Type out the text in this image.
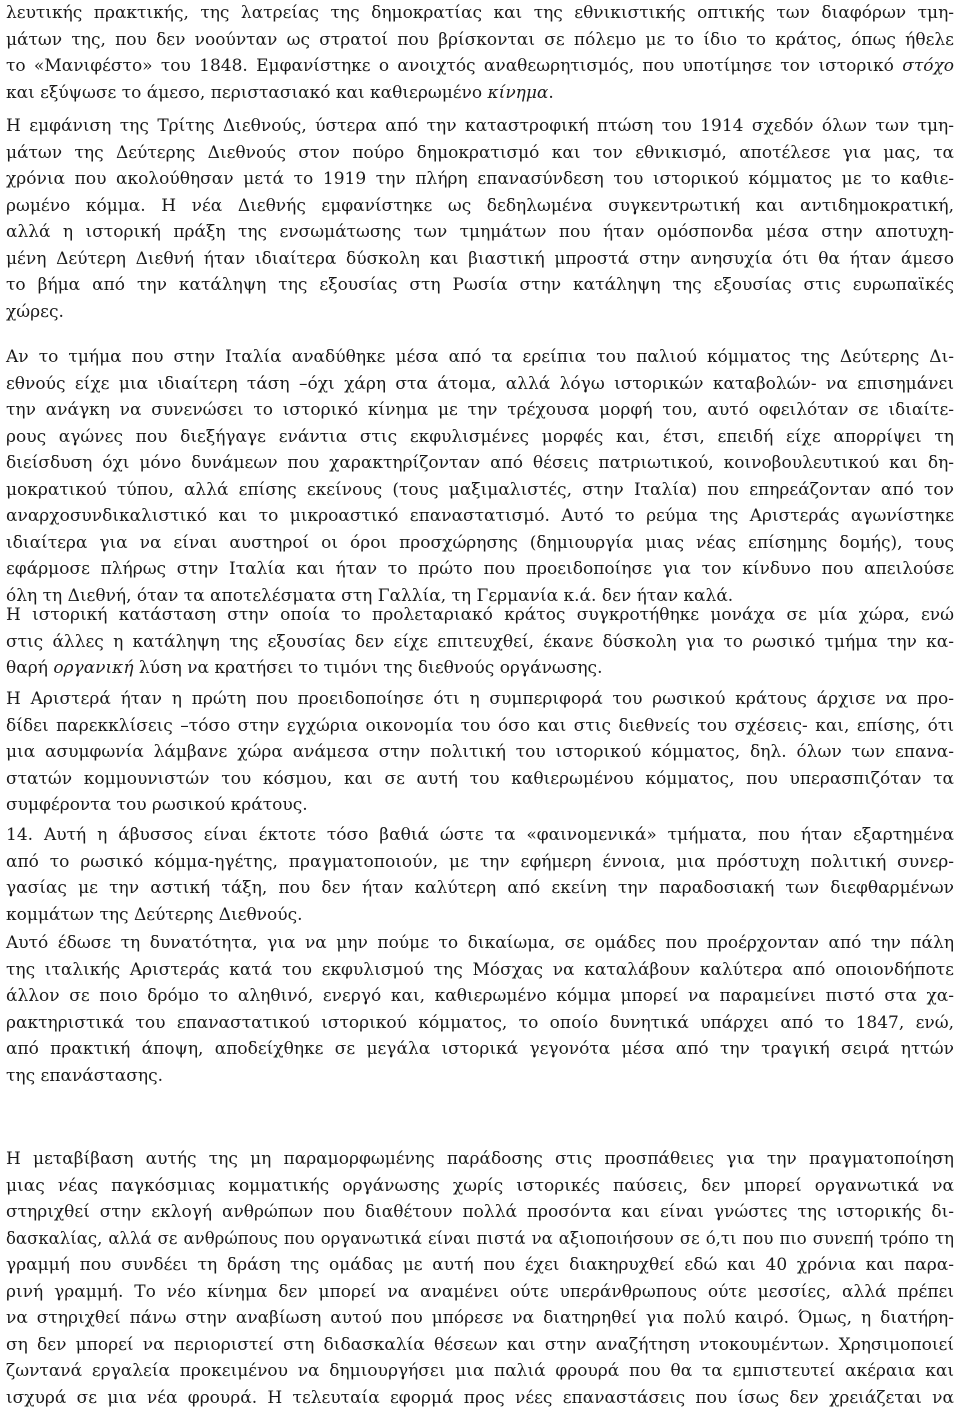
λευτικής πρακτικής, της λατρείας της δημοκρατίας και της εθνικιστικής οπτικής των διαφόρων τμη-
μάτων της, που δεν νοούνταν ως στρατοί που βρίσκονται σε πόλεμο με το ίδιο το κράτος, όπως ήθελε
το «Μανιφέστο» του 1848. Εμφανίστηκε ο ανοιχτός αναθεωρητισμός, που υποτίμησε τον ιστορικό στόχο
και εξύψωσε το άμεσο, περιστασιακό και καθιερωμένο κίνημα.
Η εμφάνιση της Τρίτης Διεθνούς, ύστερα από την καταστροφική πτώση του 1914 σχεδόν όλων των τμη-
μάτων της Δεύτερης Διεθνούς στον πούρο δημοκρατισμό και τον εθνικισμό, αποτέλεσε για μας, τα
χρόνια που ακολούθησαν μετά το 1919 την πλήρη επανασύνδεση του ιστορικού κόμματος με το καθιε-
ρωμένο κόμμα. Η νέα Διεθνής εμφανίστηκε ως δεδηλωμένα συγκεντρωτική και αντιδημοκρατική,
αλλά η ιστορική πράξη της ενσωμάτωσης των τμημάτων που ήταν ομόσπονδα μέσα στην αποτυχη-
μένη Δεύτερη Διεθνή ήταν ιδιαίτερα δύσκολη και βιαστική μπροστά στην ανησυχία ότι θα ήταν άμεσο
το βήμα από την κατάληψη της εξουσίας στη Ρωσία στην κατάληψη της εξουσίας στις ευρωπαϊκές
χώρες.
Αν το τμήμα που στην Ιταλία αναδύθηκε μέσα από τα ερείπια του παλιού κόμματος της Δεύτερης Δι-
εθνούς είχε μια ιδιαίτερη τάση –όχι χάρη στα άτομα, αλλά λόγω ιστορικών καταβολών- να επισημάνει
την ανάγκη να συνενώσει το ιστορικό κίνημα με την τρέχουσα μορφή του, αυτό οφειλόταν σε ιδιαίτε-
ρους αγώνες που διεξήγαγε ενάντια στις εκφυλισμένες μορφές και, έτσι, επειδή είχε απορρίψει τη
διείσδυση όχι μόνο δυνάμεων που χαρακτηρίζονταν από θέσεις πατριωτικού, κοινοβουλευτικού και δη-
μοκρατικού τύπου, αλλά επίσης εκείνους (τους μαξιμαλιστές, στην Ιταλία) που επηρεάζονταν από τον
αναρχοσυνδικαλιστικό και το μικροαστικό επαναστατισμό. Αυτό το ρεύμα της Αριστεράς αγωνίστηκε
ιδιαίτερα για να είναι αυστηροί οι όροι προσχώρησης (δημιουργία μιας νέας επίσημης δομής), τους
εφάρμοσε πλήρως στην Ιταλία και ήταν το πρώτο που προειδοποίησε για τον κίνδυνο που απειλούσε
όλη τη Διεθνή, όταν τα αποτελέσματα στη Γαλλία, τη Γερμανία κ.ά. δεν ήταν καλά.
Η ιστορική κατάσταση στην οποία το προλεταριακό κράτος συγκροτήθηκε μονάχα σε μία χώρα, ενώ
στις άλλες η κατάληψη της εξουσίας δεν είχε επιτευχθεί, έκανε δύσκολη για το ρωσικό τμήμα την κα-
θαρή οργανική λύση να κρατήσει το τιμόνι της διεθνούς οργάνωσης.
Η Αριστερά ήταν η πρώτη που προειδοποίησε ότι η συμπεριφορά του ρωσικού κράτους άρχισε να προ-
δίδει παρεκκλίσεις –τόσο στην εγχώρια οικονομία του όσο και στις διεθνείς του σχέσεις- και, επίσης, ότι
μια ασυμφωνία λάμβανε χώρα ανάμεσα στην πολιτική του ιστορικού κόμματος, δηλ. όλων των επανα-
στατών κομμουνιστών του κόσμου, και σε αυτή του καθιερωμένου κόμματος, που υπερασπιζόταν τα
συμφέροντα του ρωσικού κράτους.
14. Αυτή η άβυσσος είναι έκτοτε τόσο βαθιά ώστε τα «φαινομενικά» τμήματα, που ήταν εξαρτημένα
από το ρωσικό κόμμα-ηγέτης, πραγματοποιούν, με την εφήμερη έννοια, μια πρόστυχη πολιτική συνερ-
γασίας με την αστική τάξη, που δεν ήταν καλύτερη από εκείνη την παραδοσιακή των διεφθαρμένων
κομμάτων της Δεύτερης Διεθνούς.
Αυτό έδωσε τη δυνατότητα, για να μην πούμε το δικαίωμα, σε ομάδες που προέρχονταν από την πάλη
της ιταλικής Αριστεράς κατά του εκφυλισμού της Μόσχας να καταλάβουν καλύτερα από οποιονδήποτε
άλλον σε ποιο δρόμο το αληθινό, ενεργό και, καθιερωμένο κόμμα μπορεί να παραμείνει πιστό στα χα-
ρακτηριστικά του επαναστατικού ιστορικού κόμματος, το οποίο δυνητικά υπάρχει από το 1847, ενώ,
από πρακτική άποψη, αποδείχθηκε σε μεγάλα ιστορικά γεγονότα μέσα από την τραγική σειρά ηττών
της επανάστασης.
Η μεταβίβαση αυτής της μη παραμορφωμένης παράδοσης στις προσπάθειες για την πραγματοποίηση
μιας νέας παγκόσμιας κομματικής οργάνωσης χωρίς ιστορικές παύσεις, δεν μπορεί οργανωτικά να
στηριχθεί στην εκλογή ανθρώπων που διαθέτουν πολλά προσόντα και είναι γνώστες της ιστορικής δι-
δασκαλίας, αλλά σε ανθρώπους που οργανωτικά είναι πιστά να αξιοποιήσουν σε ό,τι που πιο συνεπή τρόπο τη
γραμμή που συνδέει τη δράση της ομάδας με αυτή που έχει διακηρυχθεί εδώ και 40 χρόνια και παρα-
ρινή γραμμή. Το νέο κίνημα δεν μπορεί να αναμένει ούτε υπεράνθρωπους ούτε μεσσίες, αλλά πρέπει
να στηριχθεί πάνω στην αναβίωση αυτού που μπόρεσε να διατηρηθεί για πολύ καιρό. Όμως, η διατήρη-
ση δεν μπορεί να περιοριστεί στη διδασκαλία θέσεων και στην αναζήτηση ντοκουμέντων. Χρησιμοποιεί
ζωντανά εργαλεία προκειμένου να δημιουργήσει μια παλιά φρουρά που θα τα εμπιστευτεί ακέραια και
ισχυρά σε μια νέα φρουρά. Η τελευταία εφορμά προς νέες επαναστάσεις που ίσως δεν χρειάζεται να
